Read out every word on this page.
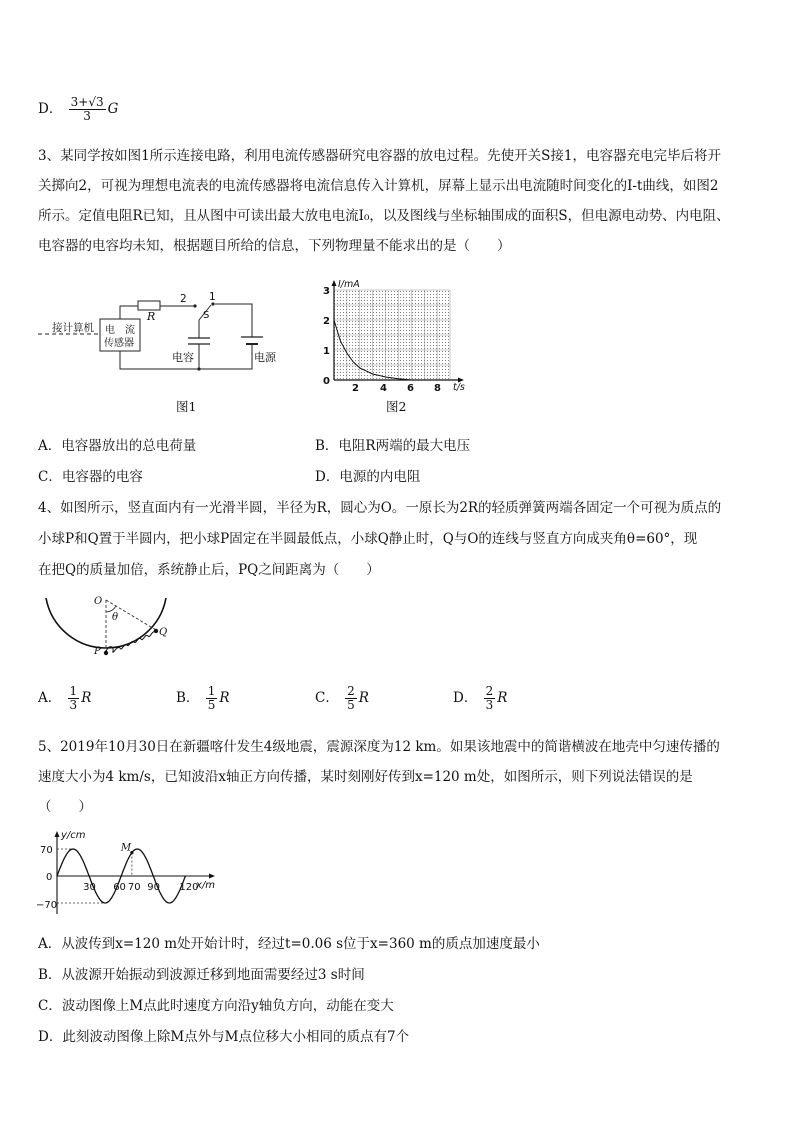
D． $\frac{3+√3}{3}$ G
3、某同学按如图1所示连接电路，利用电流传感器研究电容器的放电过程。先使开关S接1，电容器充电完毕后将开
关掷向2，可视为理想电流表的电流传感器将电流信息传入计算机，屏幕上显示出电流随时间变化的I-t曲线，如图2
所示。定值电阻R已知，且从图中可读出最大放电电流I₀，以及图线与坐标轴围成的面积S，但电源电动势、内电阻、
电容器的电容均未知，根据题目所给的信息，下列物理量不能求出的是（　　）
接计算机 电　流
传感器
R
2 1
S
电容	电源
图1
I/mA
t/s
3
2
1
0
2 4 6 8
图2
A．电容器放出的总电荷量	B．电阻R两端的最大电压
C．电容器的电容	D．电源的内电阻
4、如图所示，竖直面内有一光滑半圆，半径为R，圆心为O。一原长为2R的轻质弹簧两端各固定一个可视为质点的
小球P和Q置于半圆内，把小球P固定在半圆最低点，小球Q静止时，Q与O的连线与竖直方向成夹角θ=60°，现
在把Q的质量加倍，系统静止后，PQ之间距离为（　　）
O
θ
P
Q
A． $\frac{1}{3}$ R	B． $\frac{1}{5}$ R	C． $\frac{2}{5}$ R	D． $\frac{2}{3}$ R
5、2019年10月30日在新疆喀什发生4级地震，震源深度为12 km。如果该地震中的简谐横波在地壳中匀速传播的
速度大小为4 km/s，已知波沿x轴正方向传播，某时刻刚好传到x=120 m处，如图所示，则下列说法错误的是
（　　）
y/cm
x/m
70
0
−70
30 60 70 90 120
M
A．从波传到x=120 m处开始计时，经过t=0.06 s位于x=360 m的质点加速度最小
B．从波源开始振动到波源迁移到地面需要经过3 s时间
C．波动图像上M点此时速度方向沿y轴负方向，动能在变大
D．此刻波动图像上除M点外与M点位移大小相同的质点有7个
